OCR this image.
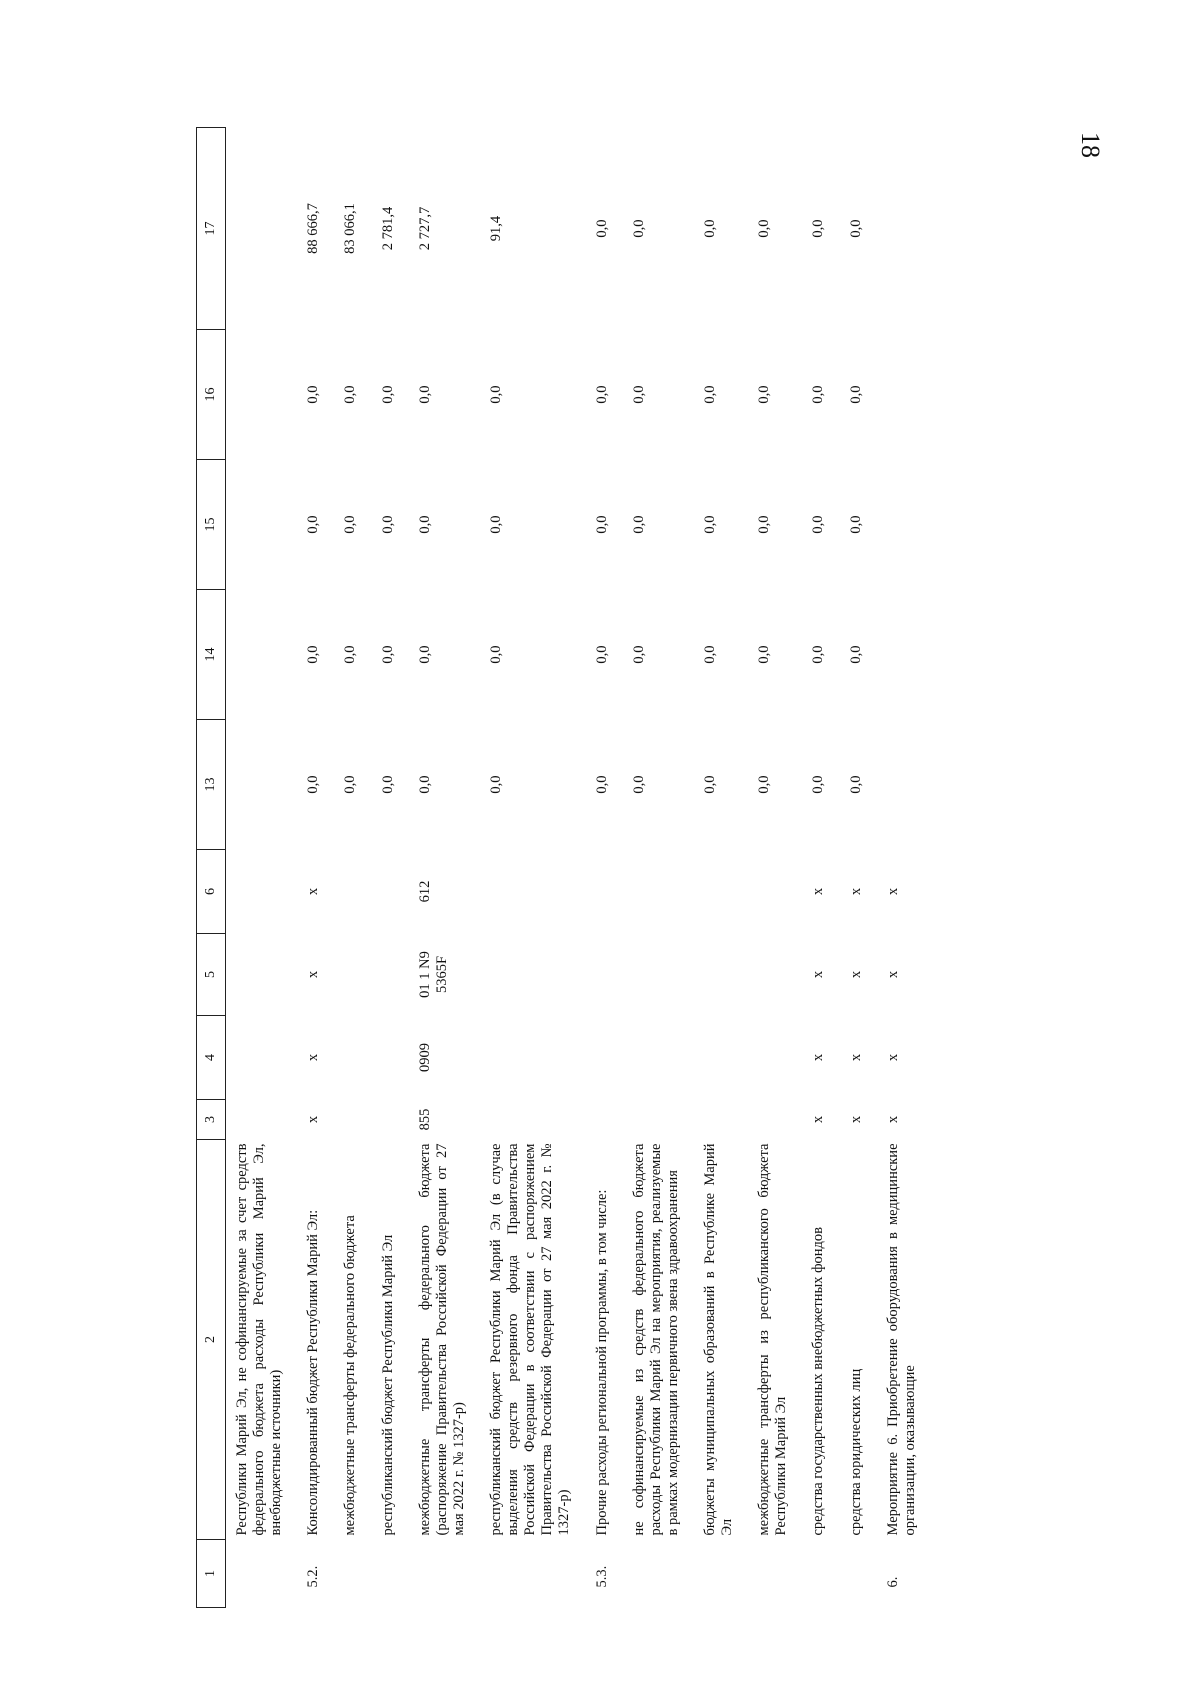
18
1	2	3	4	5	6	13	14	15	16	17
	Республики Марий Эл, не софинансируемые за счет средств федерального бюджета расходы Республики Марий Эл, внебюджетные источники)									
5.2.	Консолидированный бюджет Республики Марий Эл:	x	x	x	x	0,0	0,0	0,0	0,0	88 666,7
	межбюджетные трансферты федерального бюджета					0,0	0,0	0,0	0,0	83 066,1
	республиканский бюджет Республики Марий Эл					0,0	0,0	0,0	0,0	2 781,4
	межбюджетные трансферты федерального бюджета (распоряжение Правительства Российской Федерации от 27 мая 2022 г. № 1327-р)	855	0909	01 1 N9 5365F	612	0,0	0,0	0,0	0,0	2 727,7
	республиканский бюджет Республики Марий Эл (в случае выделения средств резервного фонда Правительства Российской Федерации в соответствии с распоряжением Правительства Российской Федерации от 27 мая 2022 г. № 1327-р)					0,0	0,0	0,0	0,0	91,4
5.3.	Прочие расходы региональной программы, в том числе:					0,0	0,0	0,0	0,0	0,0
	не софинансируемые из средств федерального бюджета расходы Республики Марий Эл на мероприятия, реализуемые в рамках модернизации первичного звена здравоохранения					0,0	0,0	0,0	0,0	0,0
	бюджеты муниципальных образований в Республике Марий Эл					0,0	0,0	0,0	0,0	0,0
	межбюджетные трансферты из республиканского бюджета Республики Марий Эл					0,0	0,0	0,0	0,0	0,0
	средства государственных внебюджетных фондов	x	x	x	x	0,0	0,0	0,0	0,0	0,0
	средства юридических лиц	x	x	x	x	0,0	0,0	0,0	0,0	0,0
6.	Мероприятие 6. Приобретение оборудования в медицинские организации, оказывающие	x	x	x	x					
